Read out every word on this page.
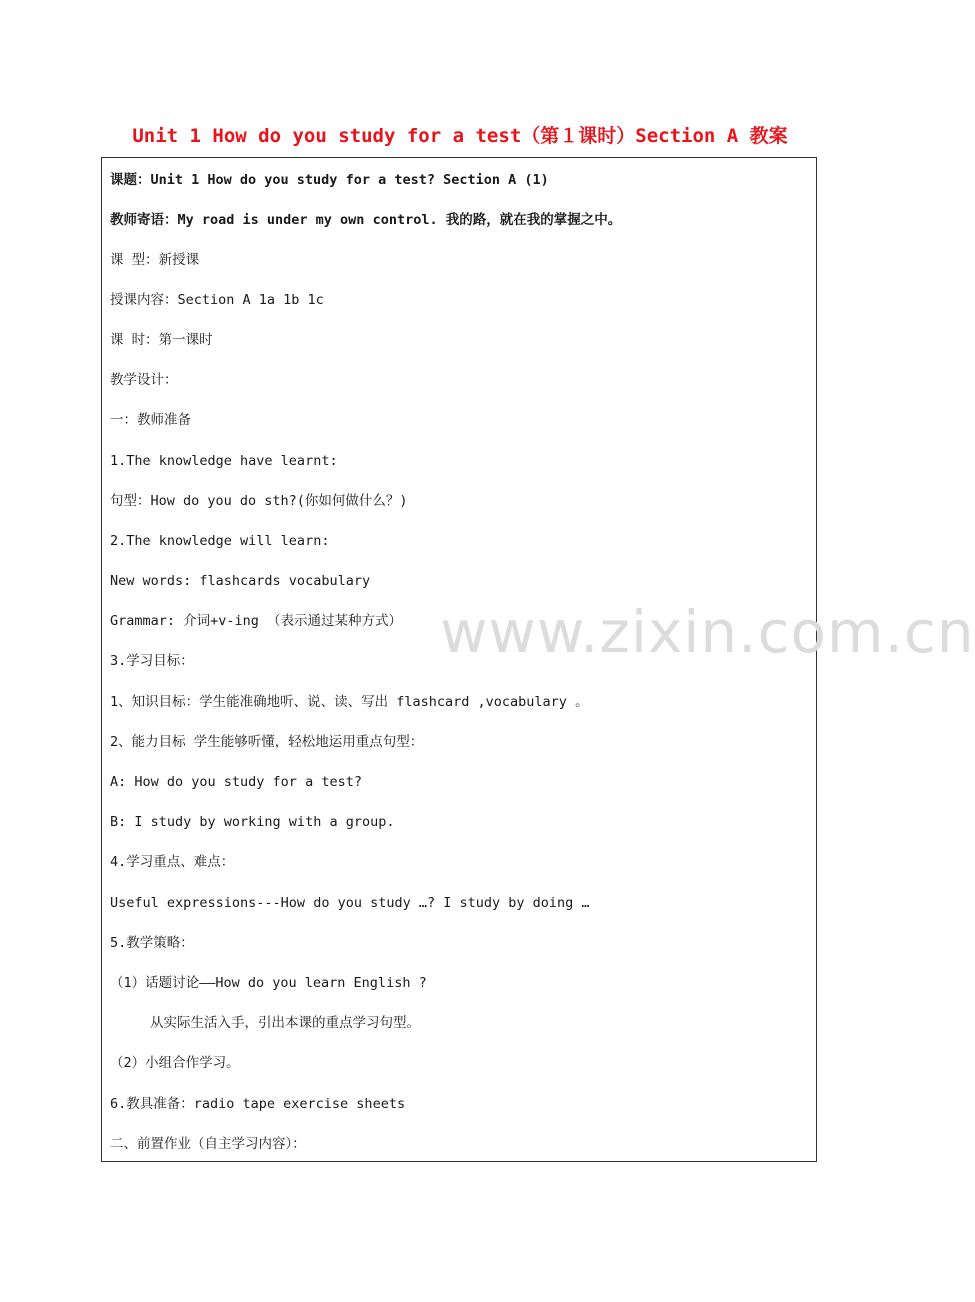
Unit 1 How do you study for a test（第１课时）Section A 教案
课题：Unit 1 How do you study for a test? Section A (1)
教师寄语：My road is under my own control. 我的路，就在我的掌握之中。
课 型：新授课
授课内容：Section A 1a 1b 1c
课 时：第一课时
教学设计：
一：教师准备
1.The knowledge have learnt:
句型：How do you do sth?(你如何做什么？)
2.The knowledge will learn:
New words: flashcards vocabulary
Grammar: 介词+v-ing （表示通过某种方式）
3.学习目标：
1、知识目标：学生能准确地听、说、读、写出 flashcard ,vocabulary 。
2、能力目标 学生能够听懂，轻松地运用重点句型：
A: How do you study for a test?
B: I study by working with a group.
4.学习重点、难点：
Useful expressions---How do you study …? I study by doing …
5.教学策略：
（1）话题讨论——How do you learn English ?
从实际生活入手，引出本课的重点学习句型。
（2）小组合作学习。
6.教具准备：radio tape exercise sheets
二、前置作业（自主学习内容）：
www.zixin.com.cn
